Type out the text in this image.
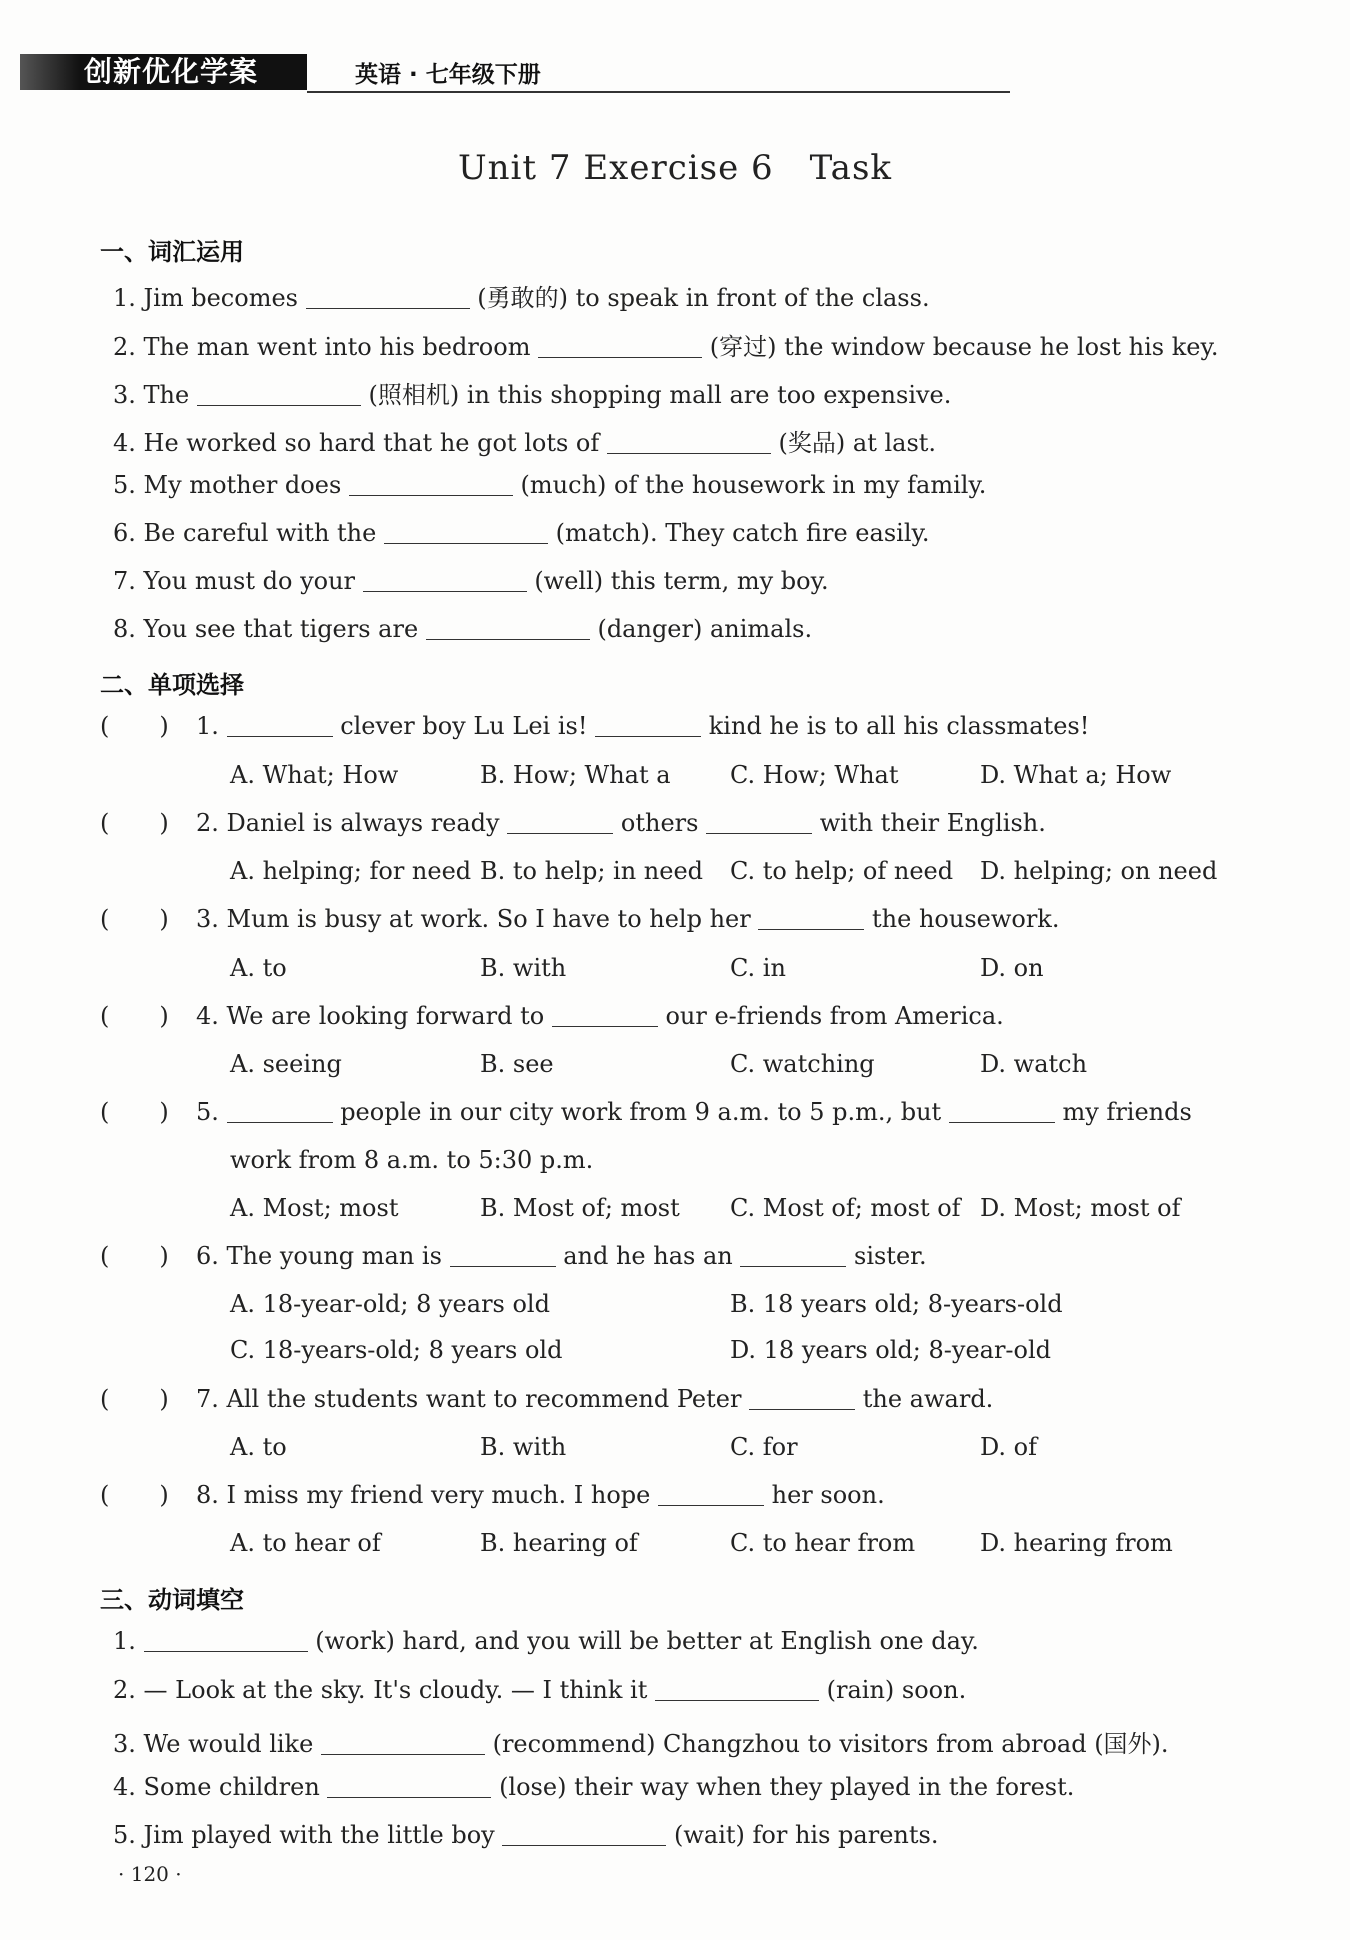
创新优化学案	英语 · 七年级下册
Unit 7 Exercise 6 Task
一、词汇运用
1. Jim becomes	(勇敢的) to speak in front of the class.
2. The man went into his bedroom	(穿过) the window because he lost his key.
3. The	(照相机) in this shopping mall are too expensive.
4. He worked so hard that he got lots of	(奖品) at last.
5. My mother does	(much) of the housework in my family.
6. Be careful with the	(match). They catch fire easily.
7. You must do your	(well) this term, my boy.
8. You see that tigers are	(danger) animals.
二、单项选择
( ) 1.	clever boy Lu Lei is!	kind he is to all his classmates!
A. What; How	B. How; What a C. How; What	D. What a; How
( ) 2. Daniel is always ready	others	with their English.
A. helping; for need B. to help; in need C. to help; of need D. helping; on need
( ) 3. Mum is busy at work. So I have to help her	the housework.
A. to	B. with	C. in	D. on
( ) 4. We are looking forward to	our e-friends from America.
A. seeing	B. see	C. watching	D. watch
( ) 5.	people in our city work from 9 a.m. to 5 p.m., but	my friends
work from 8 a.m. to 5:30 p.m.
A. Most; most	B. Most of; most C. Most of; most of D. Most; most of
( ) 6. The young man is	and he has an	sister.
A. 18-year-old; 8 years old	B. 18 years old; 8-years-old
C. 18-years-old; 8 years old	D. 18 years old; 8-year-old
( ) 7. All the students want to recommend Peter	the award.
A. to	B. with	C. for	D. of
( ) 8. I miss my friend very much. I hope	her soon.
A. to hear of	B. hearing of	C. to hear from	D. hearing from
三、动词填空
1.	(work) hard, and you will be better at English one day.
2. — Look at the sky. It's cloudy. — I think it	(rain) soon.
3. We would like	(recommend) Changzhou to visitors from abroad (国外).
4. Some children	(lose) their way when they played in the forest.
5. Jim played with the little boy	(wait) for his parents.
· 120 ·
